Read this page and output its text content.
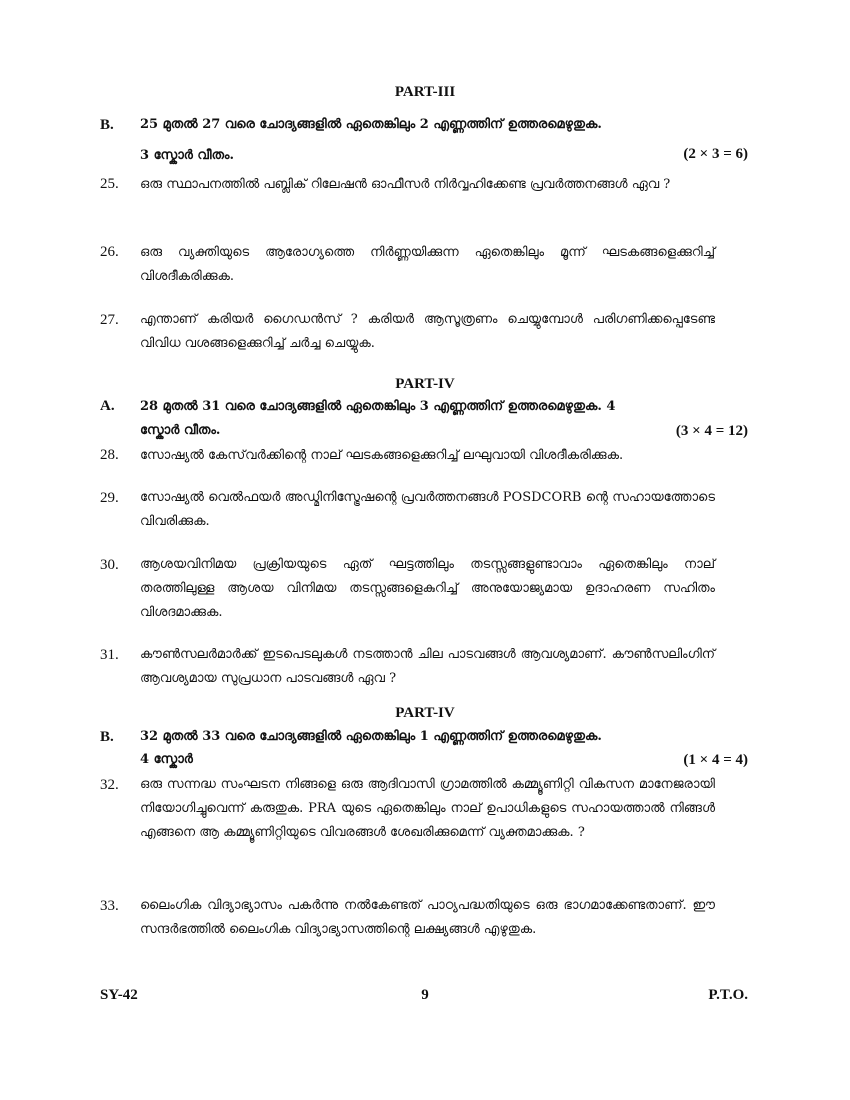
PART-III
B. 25 മുതൽ 27 വരെ ചോദ്യങ്ങളിൽ ഏതെങ്കിലും 2 എണ്ണത്തിന് ഉത്തരമെഴുതുക.
3 സ്കോർ വീതം.	(2 × 3 = 6)
25. ഒരു സ്ഥാപനത്തിൽ പബ്ലിക് റിലേഷൻ ഓഫീസർ നിർവ്വഹിക്കേണ്ട പ്രവർത്തനങ്ങൾ ഏവ ?
26. ഒരു വ്യക്തിയുടെ ആരോഗ്യത്തെ നിർണ്ണയിക്കുന്ന ഏതെങ്കിലും മൂന്ന് ഘടകങ്ങളെക്കുറിച്ച് വിശദീകരിക്കുക.
27. എന്താണ് കരിയർ ഗൈഡൻസ് ? കരിയർ ആസൂത്രണം ചെയ്യുമ്പോൾ പരിഗണിക്കപ്പെടേണ്ട വിവിധ വശങ്ങളെക്കുറിച്ച് ചർച്ച ചെയ്യുക.
PART-IV
A. 28 മുതൽ 31 വരെ ചോദ്യങ്ങളിൽ ഏതെങ്കിലും 3 എണ്ണത്തിന് ഉത്തരമെഴുതുക. 4
സ്കോർ വീതം.	(3 × 4 = 12)
28. സോഷ്യൽ കേസ്‌വർക്കിന്റെ നാല് ഘടകങ്ങളെക്കുറിച്ച് ലഘുവായി വിശദീകരിക്കുക.
29. സോഷ്യൽ വെൽഫയർ അഡ്മിനിസ്ട്രേഷന്റെ പ്രവർത്തനങ്ങൾ POSDCORB ന്റെ സഹായത്തോടെ വിവരിക്കുക.
30. ആശയവിനിമയ പ്രക്രിയയുടെ ഏത് ഘട്ടത്തിലും തടസ്സങ്ങളുണ്ടാവാം ഏതെങ്കിലും നാല് തരത്തിലുള്ള ആശയ വിനിമയ തടസ്സങ്ങളെകുറിച്ച് അനുയോജ്യമായ ഉദാഹരണ സഹിതം വിശദമാക്കുക.
31. കൗൺസലർമാർക്ക് ഇടപെടലുകൾ നടത്താൻ ചില പാടവങ്ങൾ ആവശ്യമാണ്. കൗൺസലിംഗിന് ആവശ്യമായ സുപ്രധാന പാടവങ്ങൾ ഏവ ?
PART-IV
B. 32 മുതൽ 33 വരെ ചോദ്യങ്ങളിൽ ഏതെങ്കിലും 1 എണ്ണത്തിന് ഉത്തരമെഴുതുക.
4 സ്കോർ	(1 × 4 = 4)
32. ഒരു സന്നദ്ധ സംഘടന നിങ്ങളെ ഒരു ആദിവാസി ഗ്രാമത്തിൽ കമ്മ്യൂണിറ്റി വികസന മാനേജരായി നിയോഗിച്ചുവെന്ന് കരുതുക. PRA യുടെ ഏതെങ്കിലും നാല് ഉപാധികളുടെ സഹായത്താൽ നിങ്ങൾ എങ്ങനെ ആ കമ്മ്യൂണിറ്റിയുടെ വിവരങ്ങൾ ശേഖരിക്കുമെന്ന് വ്യക്തമാക്കുക. ?
33. ലൈംഗിക വിദ്യാഭ്യാസം പകർന്നു നൽകേണ്ടത് പാഠ്യപദ്ധതിയുടെ ഒരു ഭാഗമാക്കേണ്ടതാണ്. ഈ സന്ദർഭത്തിൽ ലൈംഗിക വിദ്യാഭ്യാസത്തിന്റെ ലക്ഷ്യങ്ങൾ എഴുതുക.
SY-42	9	P.T.O.
